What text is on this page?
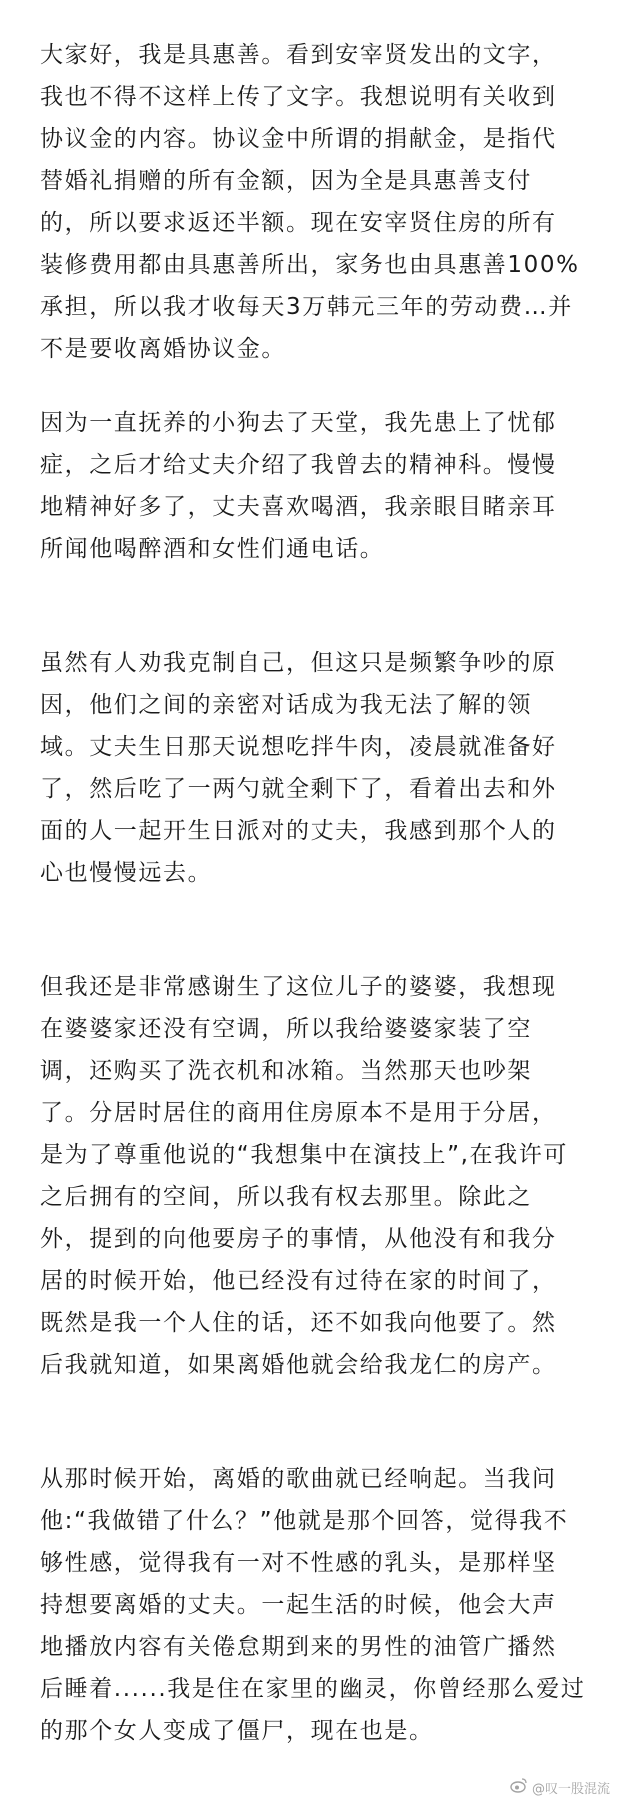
大家好，我是具惠善。看到安宰贤发出的文字，
我也不得不这样上传了文字。我想说明有关收到
协议金的内容。协议金中所谓的捐献金，是指代
替婚礼捐赠的所有金额，因为全是具惠善支付
的，所以要求返还半额。现在安宰贤住房的所有
装修费用都由具惠善所出，家务也由具惠善100%
承担，所以我才收每天3万韩元三年的劳动费…并
不是要收离婚协议金。

因为一直抚养的小狗去了天堂，我先患上了忧郁
症，之后才给丈夫介绍了我曾去的精神科。慢慢
地精神好多了，丈夫喜欢喝酒，我亲眼目睹亲耳
所闻他喝醉酒和女性们通电话。

虽然有人劝我克制自己，但这只是频繁争吵的原
因，他们之间的亲密对话成为我无法了解的领
域。丈夫生日那天说想吃拌牛肉，凌晨就准备好
了，然后吃了一两勺就全剩下了，看着出去和外
面的人一起开生日派对的丈夫，我感到那个人的
心也慢慢远去。

但我还是非常感谢生了这位儿子的婆婆，我想现
在婆婆家还没有空调，所以我给婆婆家装了空
调，还购买了洗衣机和冰箱。当然那天也吵架
了。分居时居住的商用住房原本不是用于分居，
是为了尊重他说的“我想集中在演技上”,在我许可
之后拥有的空间，所以我有权去那里。除此之
外，提到的向他要房子的事情，从他没有和我分
居的时候开始，他已经没有过待在家的时间了，
既然是我一个人住的话，还不如我向他要了。然
后我就知道，如果离婚他就会给我龙仁的房产。

从那时候开始，离婚的歌曲就已经响起。当我问
他:“我做错了什么？”他就是那个回答，觉得我不
够性感，觉得我有一对不性感的乳头，是那样坚
持想要离婚的丈夫。一起生活的时候，他会大声
地播放内容有关倦怠期到来的男性的油管广播然
后睡着......我是住在家里的幽灵，你曾经那么爱过
的那个女人变成了僵尸，现在也是。

@叹一股混流
